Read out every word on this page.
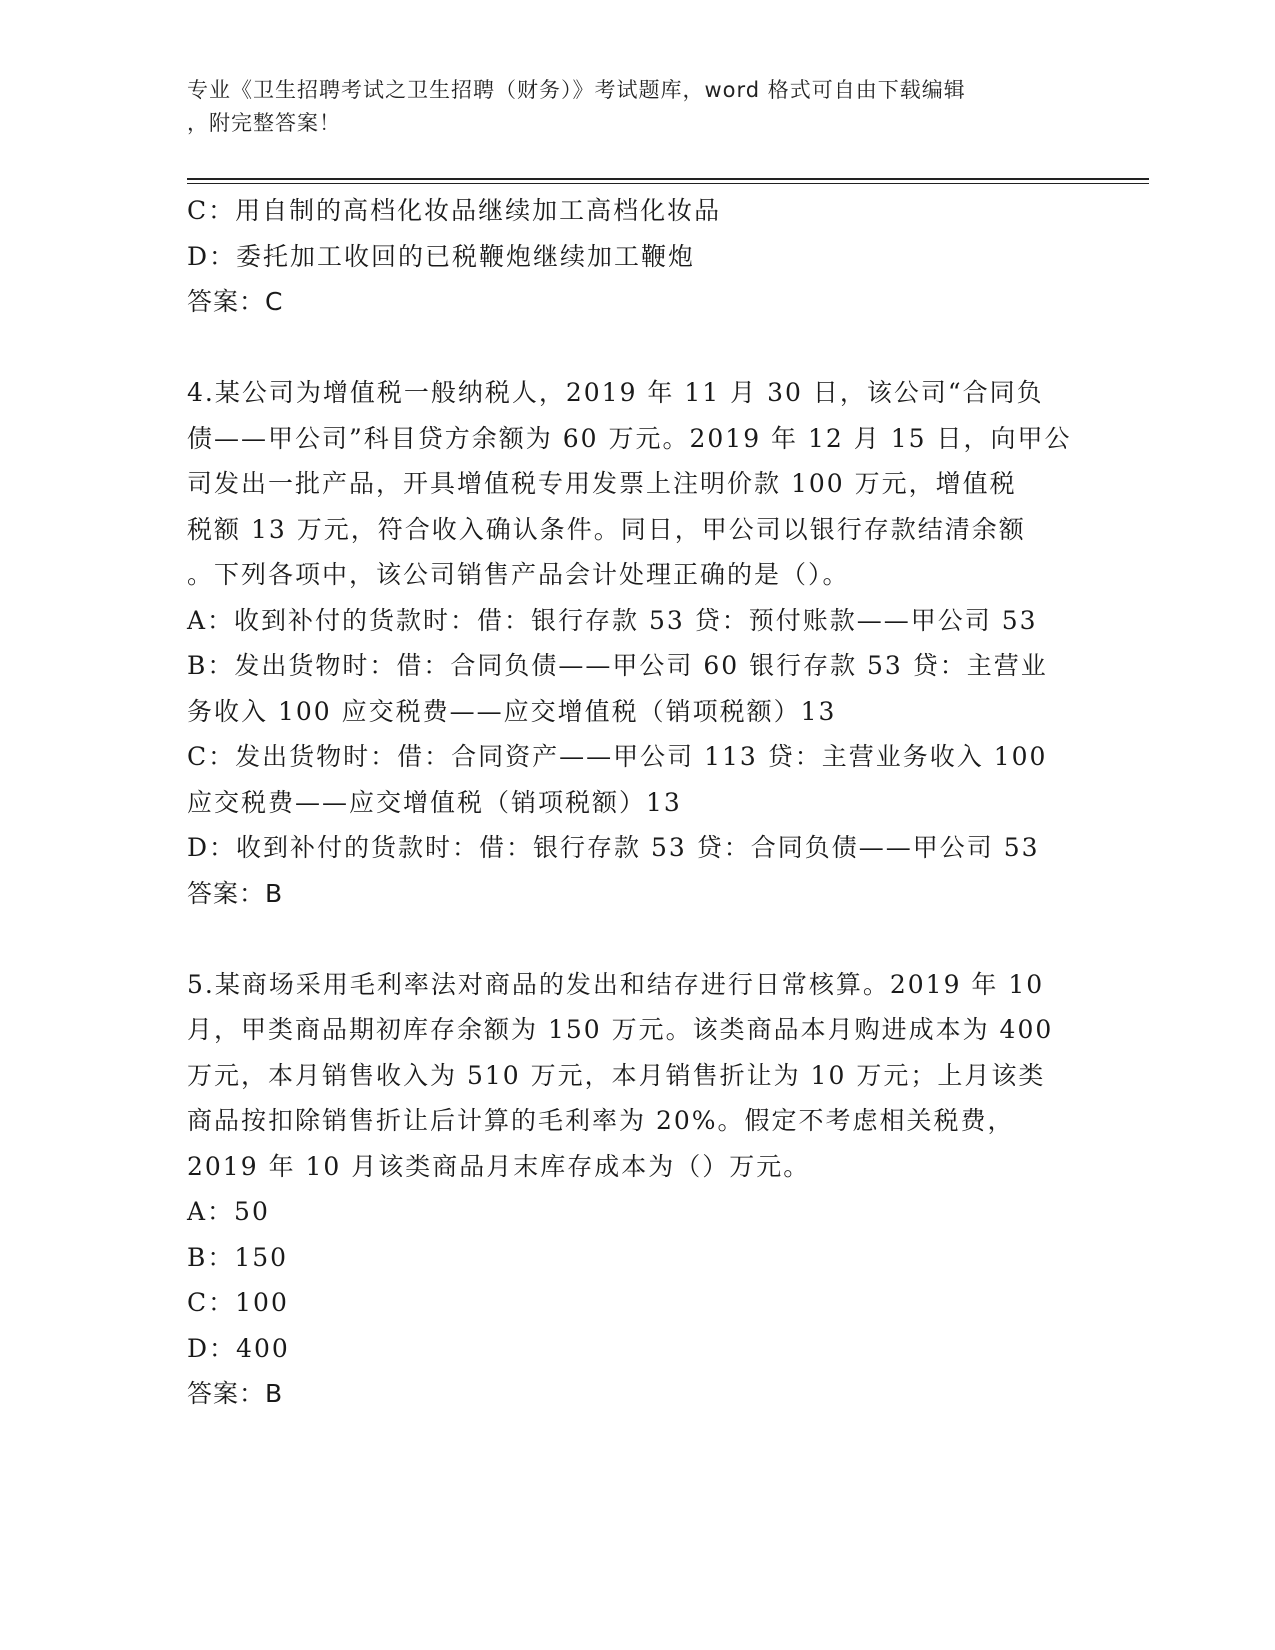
专业《卫生招聘考试之卫生招聘（财务）》考试题库，word 格式可自由下载编辑
，附完整答案！
C：用自制的高档化妆品继续加工高档化妆品
D：委托加工收回的已税鞭炮继续加工鞭炮
答案：C
4.某公司为增值税一般纳税人，2019 年 11 月 30 日，该公司“合同负
债——甲公司”科目贷方余额为 60 万元。2019 年 12 月 15 日，向甲公
司发出一批产品，开具增值税专用发票上注明价款 100 万元，增值税
税额 13 万元，符合收入确认条件。同日，甲公司以银行存款结清余额
。下列各项中，该公司销售产品会计处理正确的是（）。
A：收到补付的货款时：借：银行存款 53 贷：预付账款——甲公司 53
B：发出货物时：借：合同负债——甲公司 60 银行存款 53 贷：主营业
务收入 100 应交税费——应交增值税（销项税额）13
C：发出货物时：借：合同资产——甲公司 113 贷：主营业务收入 100
应交税费——应交增值税（销项税额）13
D：收到补付的货款时：借：银行存款 53 贷：合同负债——甲公司 53
答案：B
5.某商场采用毛利率法对商品的发出和结存进行日常核算。2019 年 10
月，甲类商品期初库存余额为 150 万元。该类商品本月购进成本为 400
万元，本月销售收入为 510 万元，本月销售折让为 10 万元；上月该类
商品按扣除销售折让后计算的毛利率为 20%。假定不考虑相关税费，
2019 年 10 月该类商品月末库存成本为（）万元。
A：50
B：150
C：100
D：400
答案：B
